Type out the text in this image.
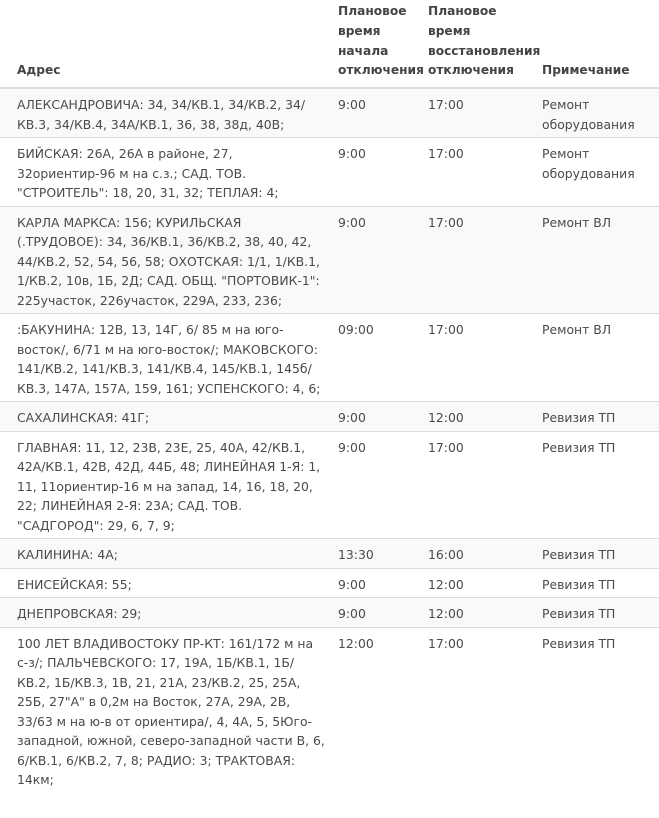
Адрес	Плановое время начала отключения	Плановое время восстановления отключения	Примечание
АЛЕКСАНДРОВИЧА: 34, 34/КВ.1, 34/КВ.2, 34/КВ.3, 34/КВ.4, 34А/КВ.1, 36, 38, 38д, 40В;	9:00	17:00	Ремонт оборудования
БИЙСКАЯ: 26А, 26А в районе, 27, 32ориентир-96 м на с.з.; САД. ТОВ. "СТРОИТЕЛЬ": 18, 20, 31, 32; ТЕПЛАЯ: 4;	9:00	17:00	Ремонт оборудования
КАРЛА МАРКСА: 156; КУРИЛЬСКАЯ (.ТРУДОВОЕ): 34, 36/КВ.1, 36/КВ.2, 38, 40, 42, 44/КВ.2, 52, 54, 56, 58; ОХОТСКАЯ: 1/1, 1/КВ.1, 1/КВ.2, 10в, 1Б, 2Д; САД. ОБЩ. "ПОРТОВИК-1": 225участок, 226участок, 229А, 233, 236;	9:00	17:00	Ремонт ВЛ
:БАКУНИНА: 12В, 13, 14Г, 6/ 85 м на юго-восток/, 6/71 м на юго-восток/; МАКОВСКОГО: 141/КВ.2, 141/КВ.3, 141/КВ.4, 145/КВ.1, 145б/КВ.3, 147А, 157А, 159, 161; УСПЕНСКОГО: 4, 6;	09:00	17:00	Ремонт ВЛ
САХАЛИНСКАЯ: 41Г;	9:00	12:00	Ревизия ТП
ГЛАВНАЯ: 11, 12, 23В, 23Е, 25, 40А, 42/КВ.1, 42А/КВ.1, 42В, 42Д, 44Б, 48; ЛИНЕЙНАЯ 1-Я: 1, 11, 11ориентир-16 м на запад, 14, 16, 18, 20, 22; ЛИНЕЙНАЯ 2-Я: 23А; САД. ТОВ. "САДГОРОД": 29, 6, 7, 9;	9:00	17:00	Ревизия ТП
КАЛИНИНА: 4А;	13:30	16:00	Ревизия ТП
ЕНИСЕЙСКАЯ: 55;	9:00	12:00	Ревизия ТП
ДНЕПРОВСКАЯ: 29;	9:00	12:00	Ревизия ТП
100 ЛЕТ ВЛАДИВОСТОКУ ПР-КТ: 161/172 м на с-з/; ПАЛЬЧЕВСКОГО: 17, 19А, 1Б/КВ.1, 1Б/КВ.2, 1Б/КВ.3, 1В, 21, 21А, 23/КВ.2, 25, 25А, 25Б, 27"А" в 0,2м на Восток, 27А, 29А, 2В, 33/63 м на ю-в от ориентира/, 4, 4А, 5, 5Юго-западной, южной, северо-западной части В, 6, 6/КВ.1, 6/КВ.2, 7, 8; РАДИО: 3; ТРАКТОВАЯ: 14км;	12:00	17:00	Ревизия ТП
